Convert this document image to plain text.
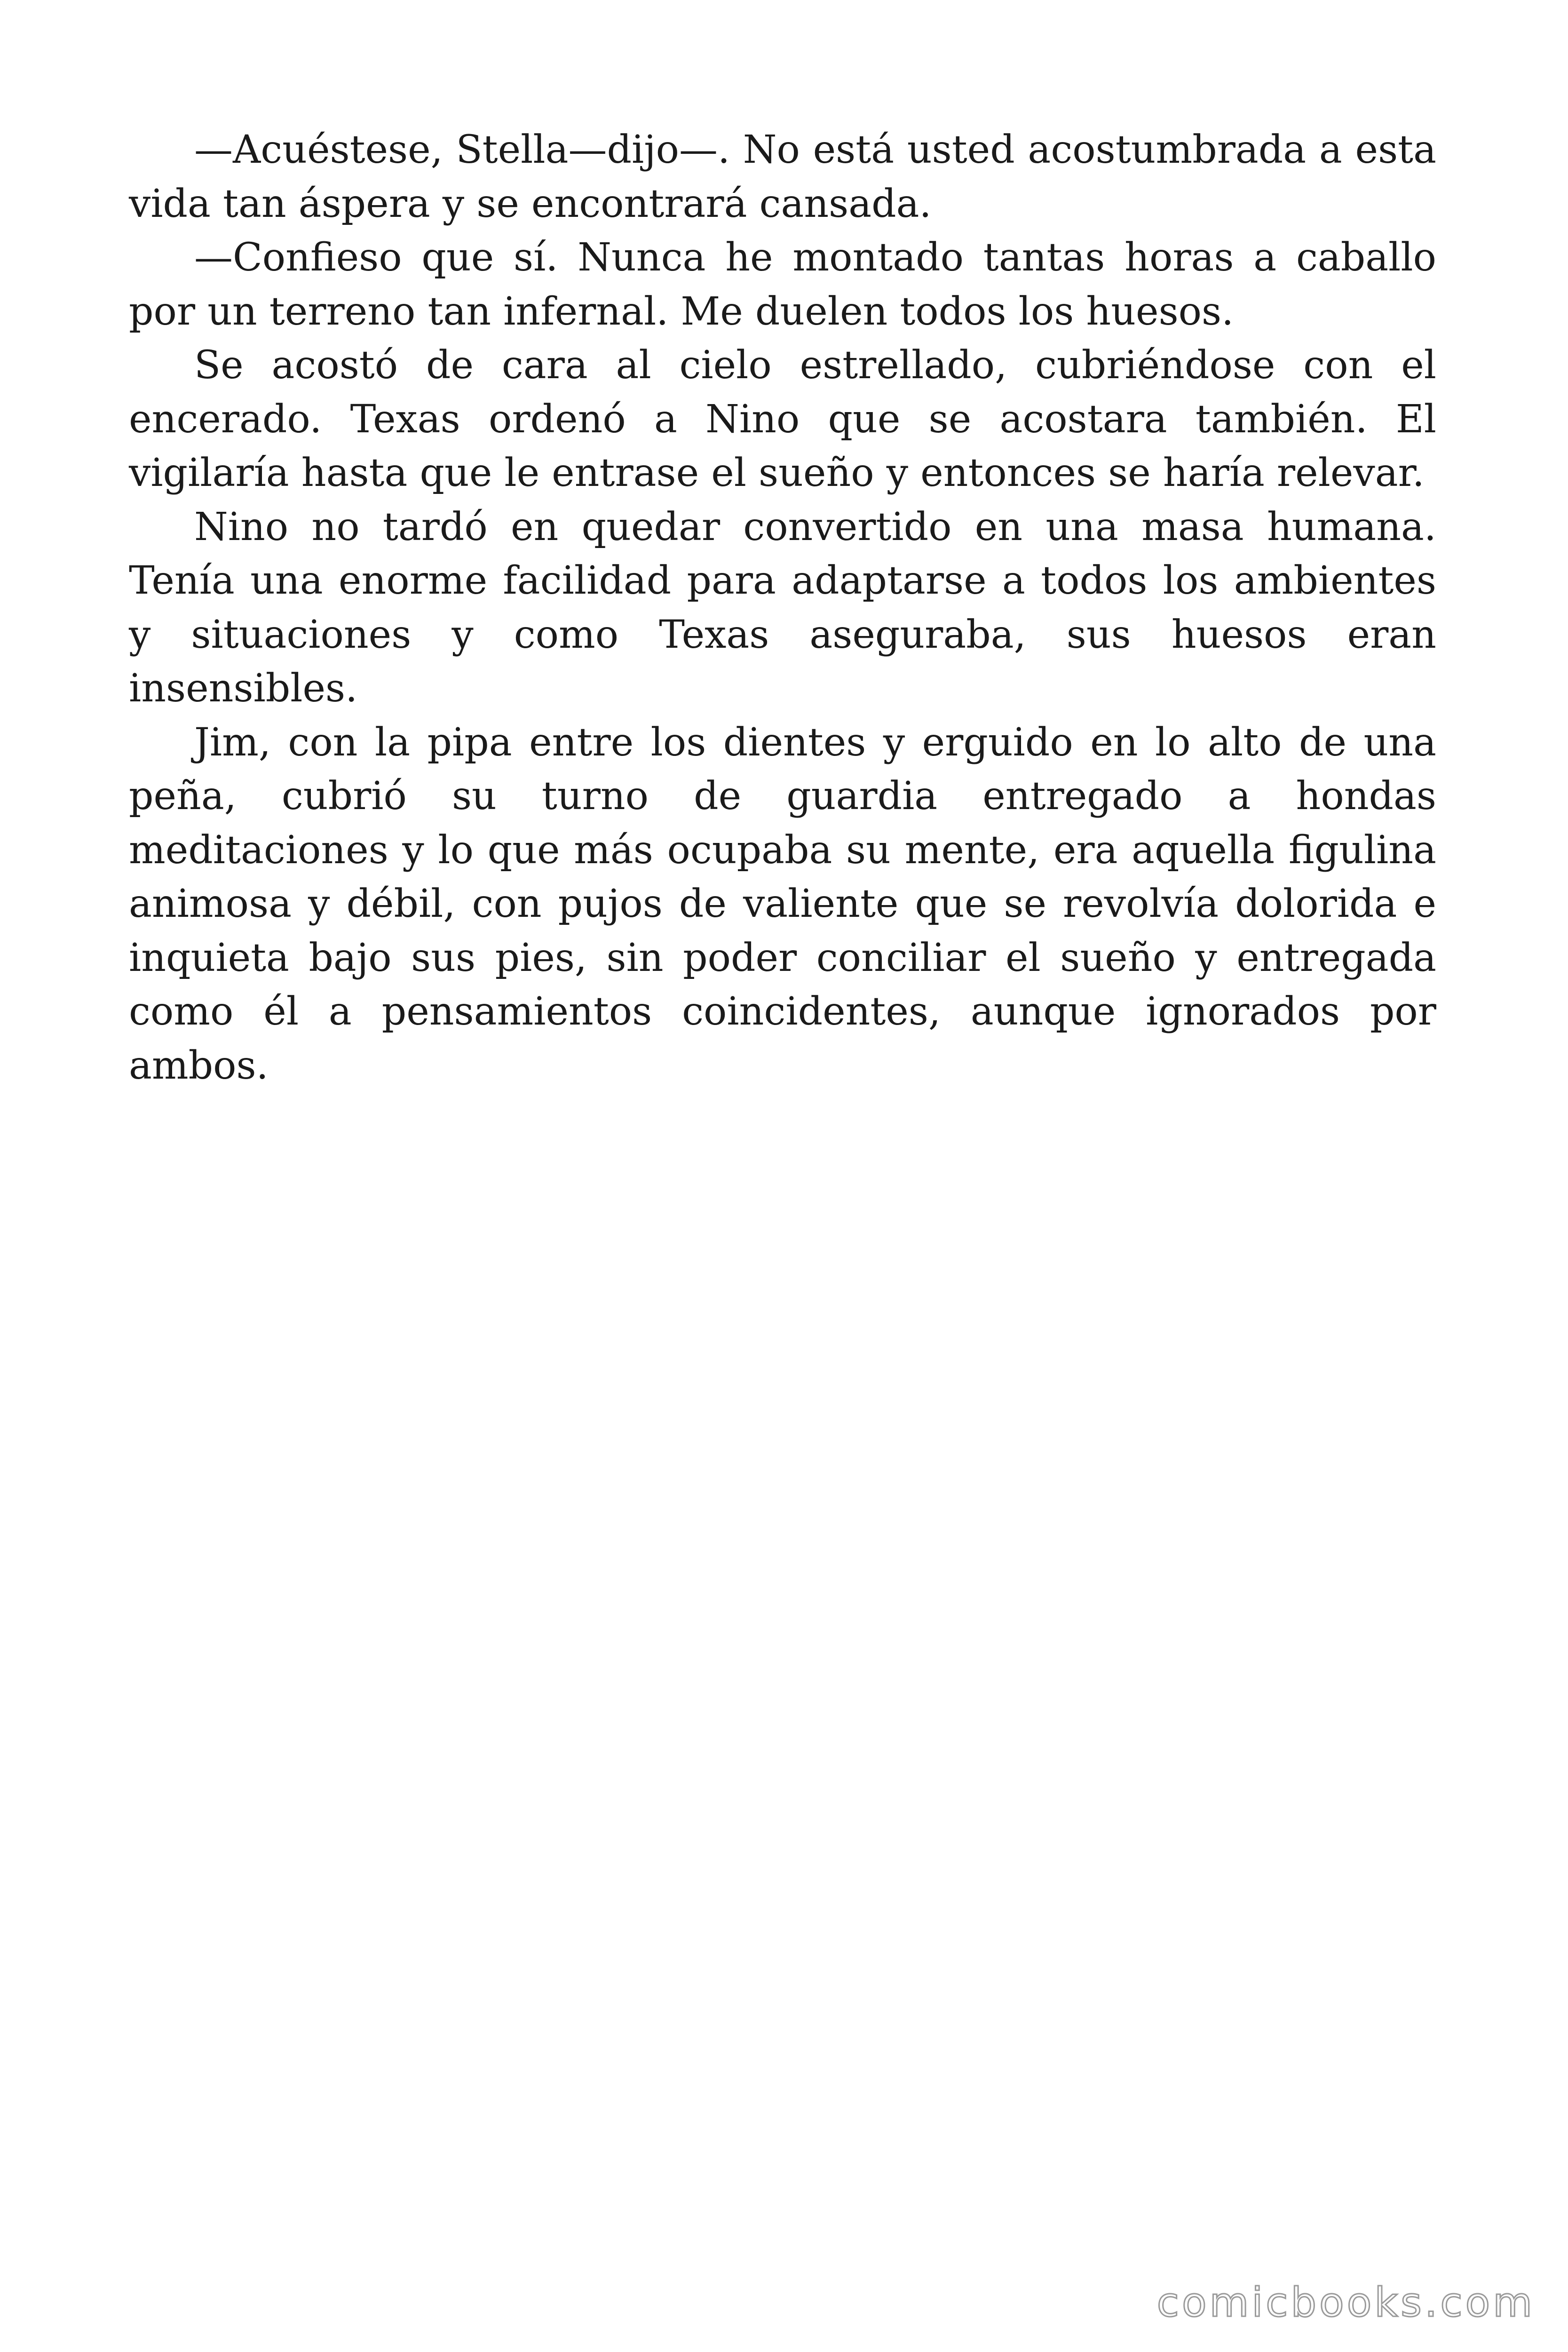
—Acuéstese, Stella—dijo—. No está usted acostumbrada a esta vida tan áspera y se encontrará cansada.

—Confieso que sí. Nunca he montado tantas horas a caballo por un terreno tan infernal. Me duelen todos los huesos.

Se acostó de cara al cielo estrellado, cubriéndose con el encerado. Texas ordenó a Nino que se acostara también. El vigilaría hasta que le entrase el sueño y entonces se haría relevar.

Nino no tardó en quedar convertido en una masa humana. Tenía una enorme facilidad para adaptarse a todos los ambientes y situaciones y como Texas aseguraba, sus huesos eran insensibles.

Jim, con la pipa entre los dientes y erguido en lo alto de una peña, cubrió su turno de guardia entregado a hondas meditaciones y lo que más ocupaba su mente, era aquella figulina animosa y débil, con pujos de valiente que se revolvía dolorida e inquieta bajo sus pies, sin poder conciliar el sueño y entregada como él a pensamientos coincidentes, aunque ignorados por ambos.

comicbooks.com
